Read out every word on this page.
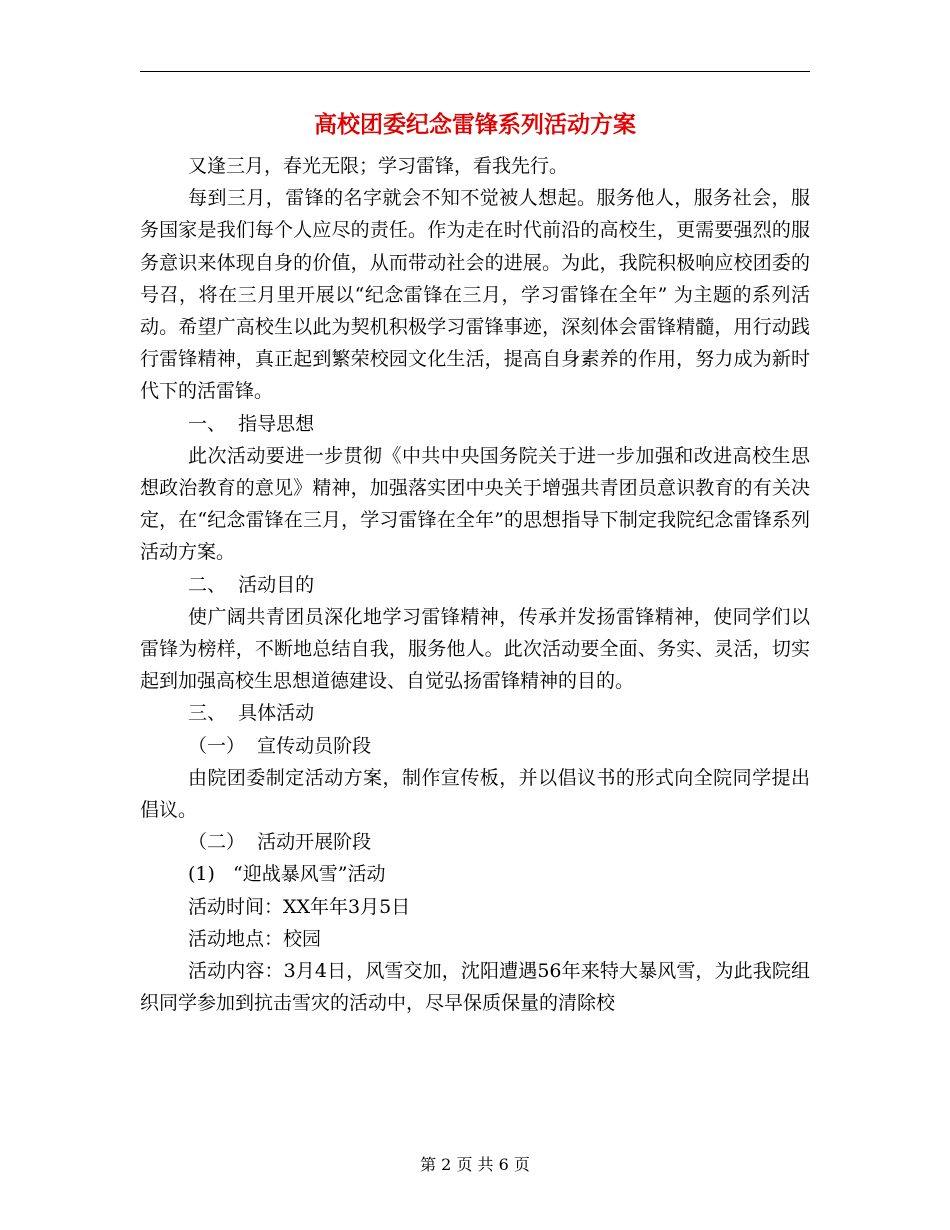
高校团委纪念雷锋系列活动方案

又逢三月，春光无限；学习雷锋，看我先行。

每到三月，雷锋的名字就会不知不觉被人想起。服务他人，服务社会，服务国家是我们每个人应尽的责任。作为走在时代前沿的高校生，更需要强烈的服务意识来体现自身的价值，从而带动社会的进展。为此，我院积极响应校团委的号召，将在三月里开展以“纪念雷锋在三月，学习雷锋在全年” 为主题的系列活动。希望广高校生以此为契机积极学习雷锋事迹，深刻体会雷锋精髓，用行动践行雷锋精神，真正起到繁荣校园文化生活，提高自身素养的作用，努力成为新时代下的活雷锋。

一、  指导思想

此次活动要进一步贯彻《中共中央国务院关于进一步加强和改进高校生思想政治教育的意见》精神，加强落实团中央关于增强共青团员意识教育的有关决定，在“纪念雷锋在三月，学习雷锋在全年”的思想指导下制定我院纪念雷锋系列活动方案。

二、  活动目的

使广阔共青团员深化地学习雷锋精神，传承并发扬雷锋精神，使同学们以雷锋为榜样，不断地总结自我，服务他人。此次活动要全面、务实、灵活，切实起到加强高校生思想道德建设、自觉弘扬雷锋精神的目的。

三、  具体活动

（一）  宣传动员阶段

由院团委制定活动方案，制作宣传板，并以倡议书的形式向全院同学提出倡议。

（二）  活动开展阶段

(1)   “迎战暴风雪”活动

活动时间：XX年年3月5日

活动地点：校园

活动内容：3月4日，风雪交加，沈阳遭遇56年来特大暴风雪，为此我院组织同学参加到抗击雪灾的活动中，尽早保质保量的清除校

第 2 页 共 6 页
